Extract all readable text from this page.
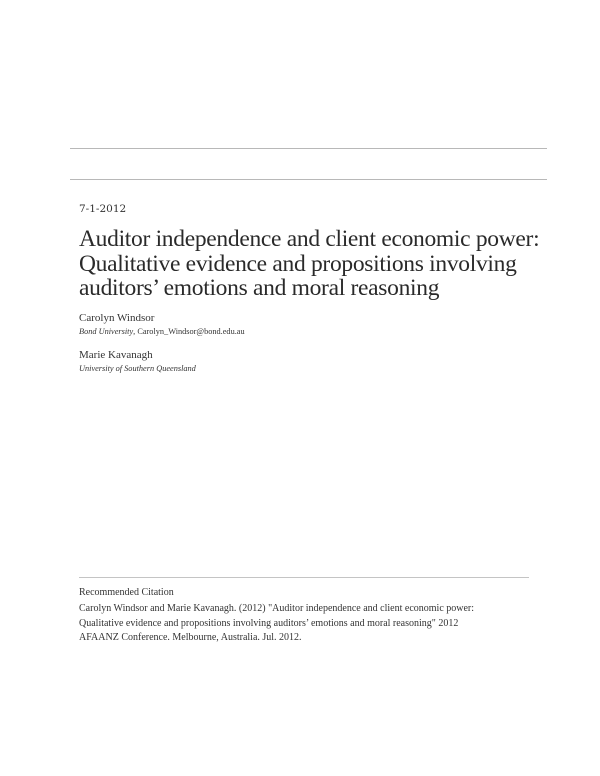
7-1-2012
Auditor independence and client economic power:
Qualitative evidence and propositions involving
auditors’ emotions and moral reasoning
Carolyn Windsor
Bond University, Carolyn_Windsor@bond.edu.au
Marie Kavanagh
University of Southern Queensland
Recommended Citation
Carolyn Windsor and Marie Kavanagh. (2012) "Auditor independence and client economic power:
Qualitative evidence and propositions involving auditors’ emotions and moral reasoning" 2012
AFAANZ Conference. Melbourne, Australia. Jul. 2012.
